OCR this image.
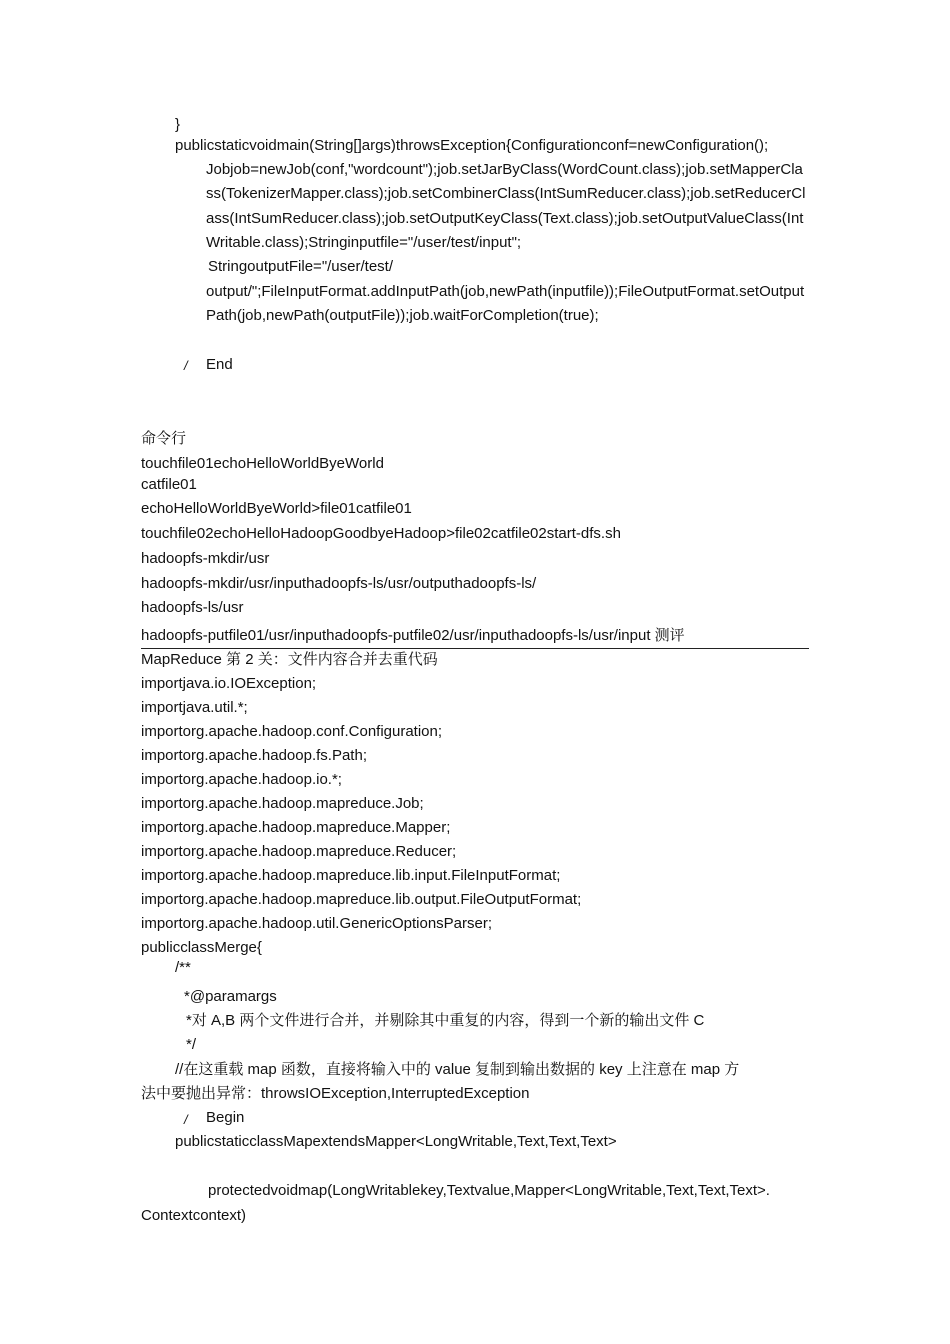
}
publicstaticvoidmain(String[]args)throwsException{Configurationconf=newConfiguration();
Jobjob=newJob(conf,"wordcount");job.setJarByClass(WordCount.class);job.setMapperClass(TokenizerMapper.class);job.setCombinerClass(IntSumReducer.class);job.setReducerClass(IntSumReducer.class);job.setOutputKeyClass(Text.class);job.setOutputValueClass(IntWritable.class);Stringinputfile="/user/test/input";
StringoutputFile="/user/test/
output/";FileInputFormat.addInputPath(job,newPath(inputfile));FileOutputFormat.setOutputPath(job,newPath(outputFile));job.waitForCompletion(true);
/ End
命令行
touchfile01echoHelloWorldByeWorld
catfile01
echoHelloWorldByeWorld>file01catfile01
touchfile02echoHelloHadoopGoodbyeHadoop>file02catfile02start-dfs.sh
hadoopfs-mkdir/usr
hadoopfs-mkdir/usr/inputhadoopfs-ls/usr/outputhadoopfs-ls/
hadoopfs-ls/usr
hadoopfs-putfile01/usr/inputhadoopfs-putfile02/usr/inputhadoopfs-ls/usr/input 测评
MapReduce 第 2 关：文件内容合并去重代码
importjava.io.IOException;
importjava.util.*;
importorg.apache.hadoop.conf.Configuration;
importorg.apache.hadoop.fs.Path;
importorg.apache.hadoop.io.*;
importorg.apache.hadoop.mapreduce.Job;
importorg.apache.hadoop.mapreduce.Mapper;
importorg.apache.hadoop.mapreduce.Reducer;
importorg.apache.hadoop.mapreduce.lib.input.FileInputFormat;
importorg.apache.hadoop.mapreduce.lib.output.FileOutputFormat;
importorg.apache.hadoop.util.GenericOptionsParser;
publicclassMerge{
/**
*@paramargs
*对 A,B 两个文件进行合并，并剔除其中重复的内容，得到一个新的输出文件 C
*/
//在这重载 map 函数，直接将输入中的 value 复制到输出数据的 key 上注意在 map 方
法中要抛出异常：throwsIOException,InterruptedException
/ Begin
publicstaticclassMapextendsMapper<LongWritable,Text,Text,Text>
protectedvoidmap(LongWritablekey,Textvalue,Mapper<LongWritable,Text,Text,Text>.
Contextcontext)
